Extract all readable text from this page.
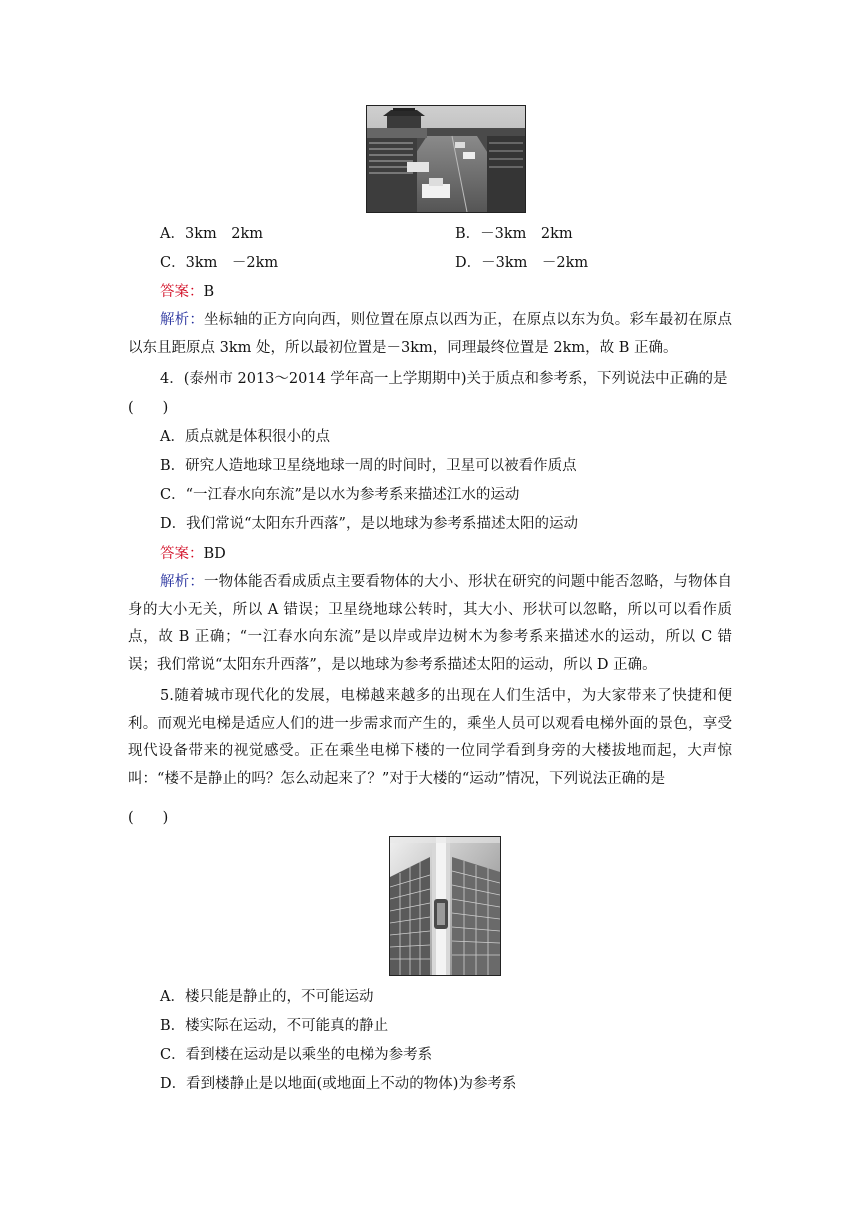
A．3km　2km	B．－3km　2km
C．3km　－2km	D．－3km　－2km
答案：B
解析：坐标轴的正方向向西，则位置在原点以西为正，在原点以东为负。彩车最初在原点以东且距原点 3km 处，所以最初位置是－3km，同理最终位置是 2km，故 B 正确。
4．(泰州市 2013～2014 学年高一上学期期中)关于质点和参考系，下列说法中正确的是
(　　)
A．质点就是体积很小的点
B．研究人造地球卫星绕地球一周的时间时，卫星可以被看作质点
C．“一江春水向东流”是以水为参考系来描述江水的运动
D．我们常说“太阳东升西落”，是以地球为参考系描述太阳的运动
答案：BD
解析：一物体能否看成质点主要看物体的大小、形状在研究的问题中能否忽略，与物体自身的大小无关，所以 A 错误；卫星绕地球公转时，其大小、形状可以忽略，所以可以看作质点，故 B 正确；“一江春水向东流”是以岸或岸边树木为参考系来描述水的运动，所以 C 错误；我们常说“太阳东升西落”，是以地球为参考系描述太阳的运动，所以 D 正确。
5.随着城市现代化的发展，电梯越来越多的出现在人们生活中，为大家带来了快捷和便利。而观光电梯是适应人们的进一步需求而产生的，乘坐人员可以观看电梯外面的景色，享受现代设备带来的视觉感受。正在乘坐电梯下楼的一位同学看到身旁的大楼拔地而起，大声惊叫：“楼不是静止的吗？怎么动起来了？”对于大楼的“运动”情况，下列说法正确的是
(　　)
A．楼只能是静止的，不可能运动
B．楼实际在运动，不可能真的静止
C．看到楼在运动是以乘坐的电梯为参考系
D．看到楼静止是以地面(或地面上不动的物体)为参考系
